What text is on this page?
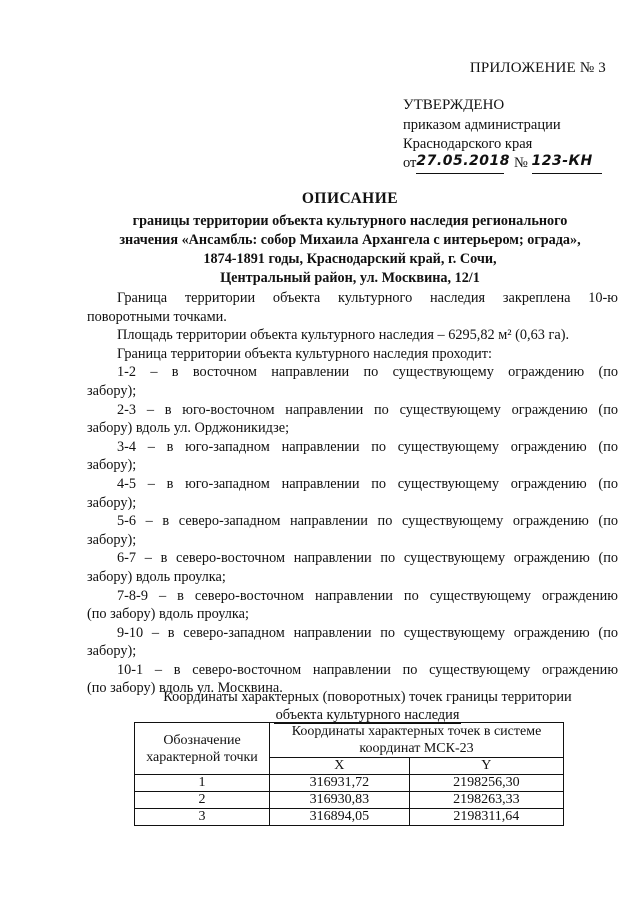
ПРИЛОЖЕНИЕ № 3
УТВЕРЖДЕНО
приказом администрации
Краснодарского края
от27.05.2018 № 123-КН
ОПИСАНИЕ
границы территории объекта культурного наследия регионального
значения «Ансамбль: собор Михаила Архангела с интерьером; ограда»,
1874-1891 годы, Краснодарский край, г. Сочи,
Центральный район, ул. Москвина, 12/1
Граница территории объекта культурного наследия закреплена 10-ю
поворотными точками.
Площадь территории объекта культурного наследия – 6295,82 м² (0,63 га).
Граница территории объекта культурного наследия проходит:
1-2 – в восточном направлении по существующему ограждению (по
забору);
2-3 – в юго-восточном направлении по существующему ограждению (по
забору) вдоль ул. Орджоникидзе;
3-4 – в юго-западном направлении по существующему ограждению (по
забору);
4-5 – в юго-западном направлении по существующему ограждению (по
забору);
5-6 – в северо-западном направлении по существующему ограждению (по
забору);
6-7 – в северо-восточном направлении по существующему ограждению (по
забору) вдоль проулка;
7-8-9 – в северо-восточном направлении по существующему ограждению
(по забору) вдоль проулка;
9-10 – в северо-западном направлении по существующему ограждению (по
забору);
10-1 – в северо-восточном направлении по существующему ограждению
(по забору) вдоль ул. Москвина.
Координаты характерных (поворотных) точек границы территории
объекта культурного наследия
Обозначение характерной точки	Координаты характерных точек в системе координат МСК-23	
	X	Y
1	316931,72	2198256,30
2	316930,83	2198263,33
3	316894,05	2198311,64
